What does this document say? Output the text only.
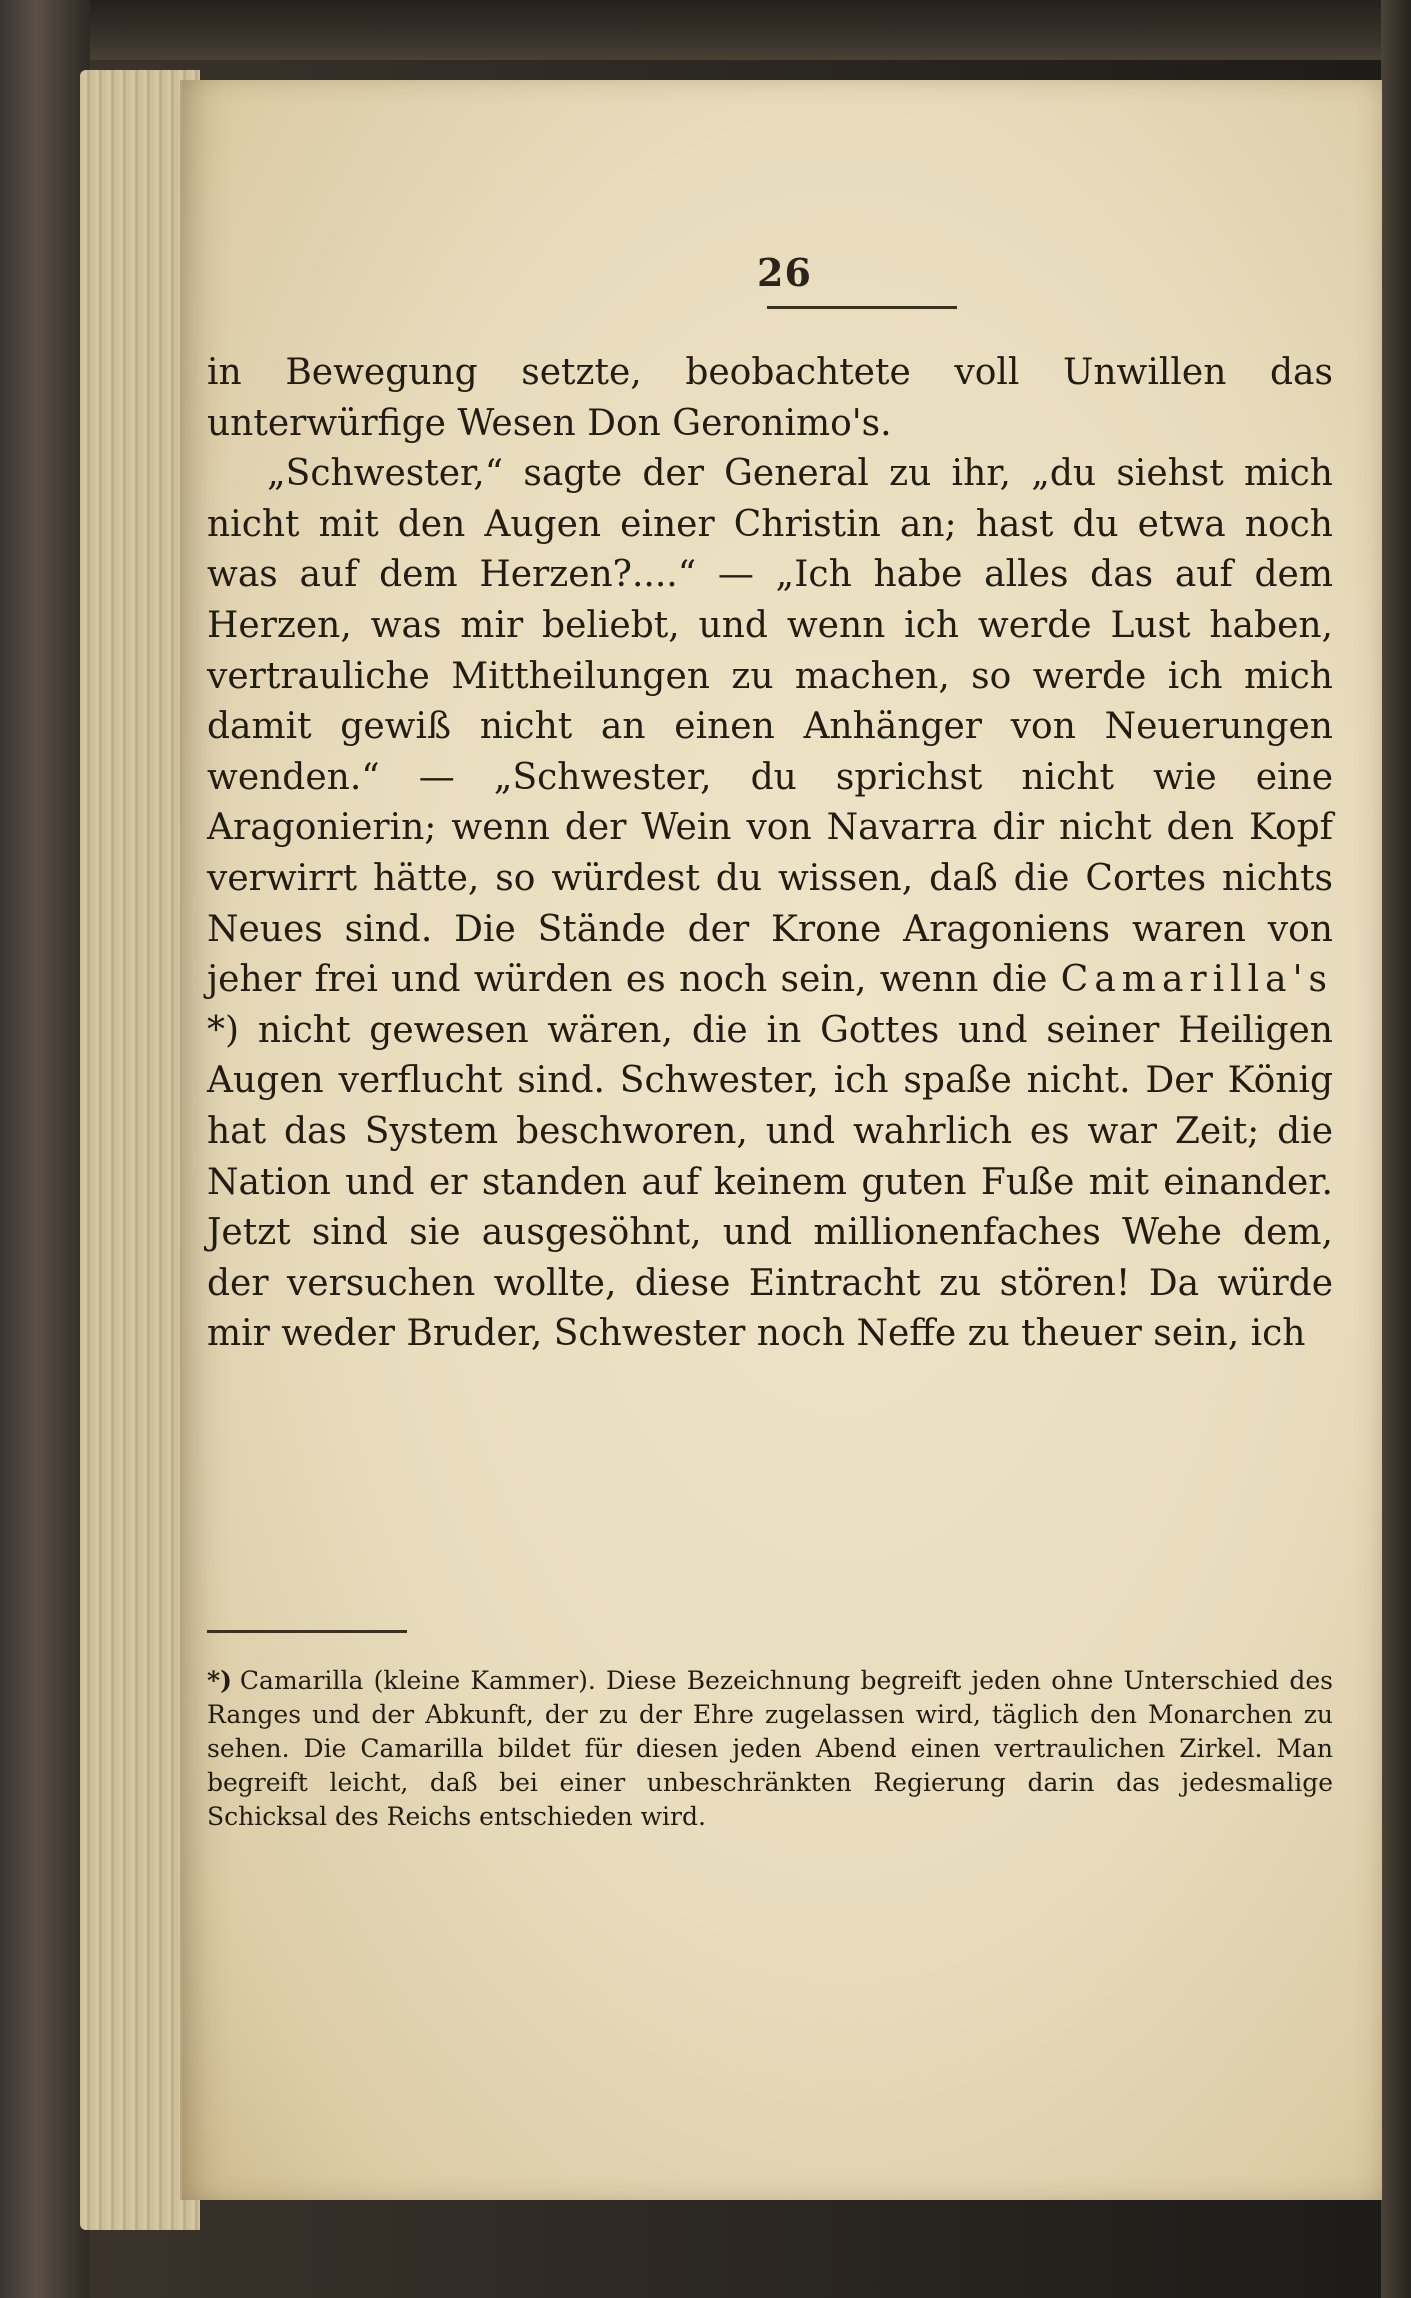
26

in Bewegung setzte, beobachtete voll Unwillen das unterwürfige Wesen Don Geronimo's.

„Schwester,“ sagte der General zu ihr, „du siehst mich nicht mit den Augen einer Christin an; hast du etwa noch was auf dem Herzen?....“ — „Ich habe alles das auf dem Herzen, was mir beliebt, und wenn ich werde Lust haben, vertrauliche Mittheilungen zu machen, so werde ich mich damit gewiß nicht an einen Anhänger von Neuerungen wenden.“ — „Schwester, du sprichst nicht wie eine Aragonierin; wenn der Wein von Navarra dir nicht den Kopf verwirrt hätte, so würdest du wissen, daß die Cortes nichts Neues sind. Die Stände der Krone Aragoniens waren von jeher frei und würden es noch sein, wenn die Camarilla's *) nicht gewesen wären, die in Gottes und seiner Heiligen Augen verflucht sind. Schwester, ich spaße nicht. Der König hat das System beschworen, und wahrlich es war Zeit; die Nation und er standen auf keinem guten Fuße mit einander. Jetzt sind sie ausgesöhnt, und millionenfaches Wehe dem, der versuchen wollte, diese Eintracht zu stören! Da würde mir weder Bruder, Schwester noch Neffe zu theuer sein, ich

*) Camarilla (kleine Kammer). Diese Bezeichnung begreift jeden ohne Unterschied des Ranges und der Abkunft, der zu der Ehre zugelassen wird, täglich den Monarchen zu sehen. Die Camarilla bildet für diesen jeden Abend einen vertraulichen Zirkel. Man begreift leicht, daß bei einer unbeschränkten Regierung darin das jedesmalige Schicksal des Reichs entschieden wird.
